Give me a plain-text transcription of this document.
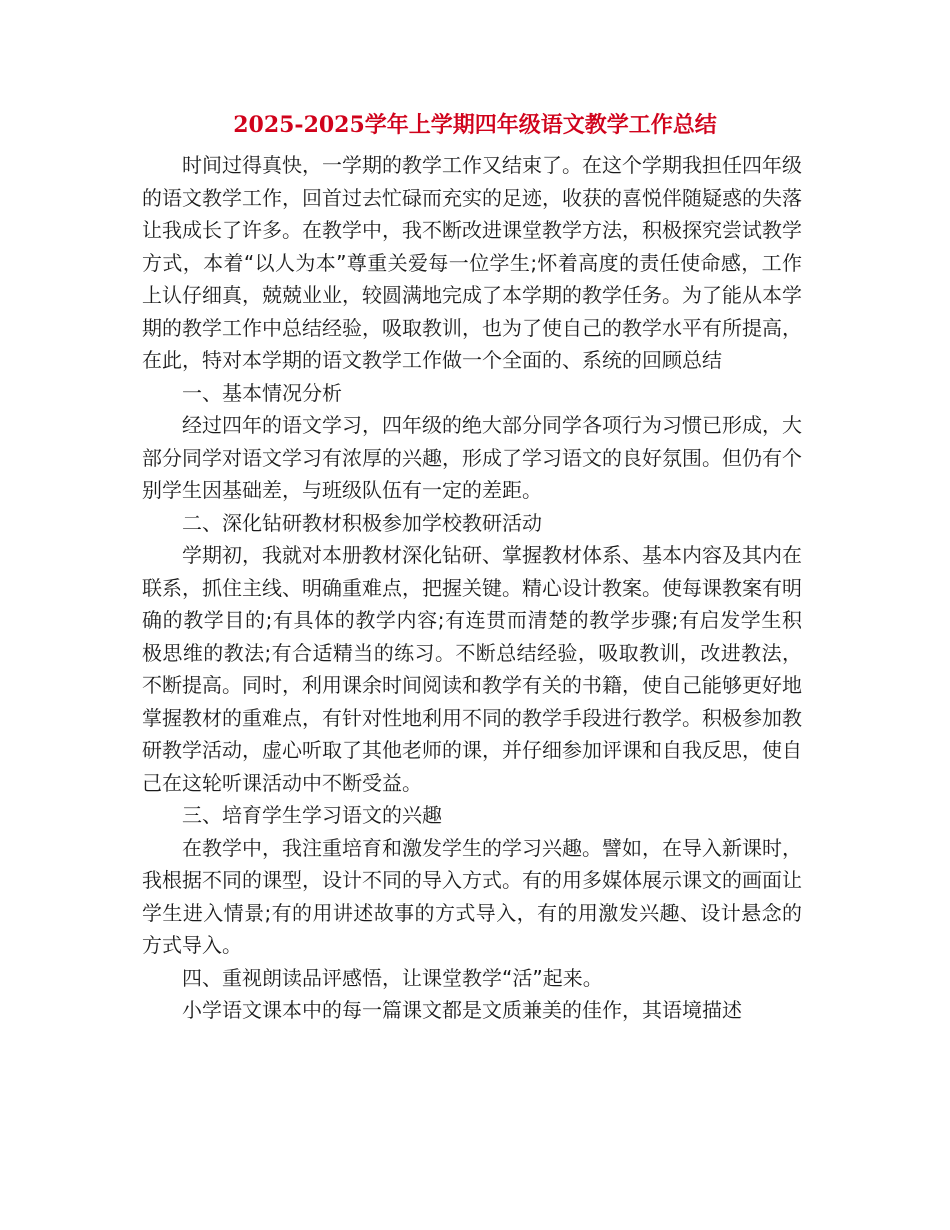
2025-2025学年上学期四年级语文教学工作总结

时间过得真快，一学期的教学工作又结束了。在这个学期我担任四年级的语文教学工作，回首过去忙碌而充实的足迹，收获的喜悦伴随疑惑的失落让我成长了许多。在教学中，我不断改进课堂教学方法，积极探究尝试教学方式，本着“以人为本”尊重关爱每一位学生;怀着高度的责任使命感，工作上认仔细真，兢兢业业，较圆满地完成了本学期的教学任务。为了能从本学期的教学工作中总结经验，吸取教训，也为了使自己的教学水平有所提高，在此，特对本学期的语文教学工作做一个全面的、系统的回顾总结

一、基本情况分析

经过四年的语文学习，四年级的绝大部分同学各项行为习惯已形成，大部分同学对语文学习有浓厚的兴趣，形成了学习语文的良好氛围。但仍有个别学生因基础差，与班级队伍有一定的差距。

二、深化钻研教材积极参加学校教研活动

学期初，我就对本册教材深化钻研、掌握教材体系、基本内容及其内在联系，抓住主线、明确重难点，把握关键。精心设计教案。使每课教案有明确的教学目的;有具体的教学内容;有连贯而清楚的教学步骤;有启发学生积极思维的教法;有合适精当的练习。不断总结经验，吸取教训，改进教法，不断提高。同时，利用课余时间阅读和教学有关的书籍，使自己能够更好地掌握教材的重难点，有针对性地利用不同的教学手段进行教学。积极参加教研教学活动，虚心听取了其他老师的课，并仔细参加评课和自我反思，使自己在这轮听课活动中不断受益。

三、培育学生学习语文的兴趣

在教学中，我注重培育和激发学生的学习兴趣。譬如，在导入新课时，我根据不同的课型，设计不同的导入方式。有的用多媒体展示课文的画面让学生进入情景;有的用讲述故事的方式导入，有的用激发兴趣、设计悬念的方式导入。

四、重视朗读品评感悟，让课堂教学“活”起来。

小学语文课本中的每一篇课文都是文质兼美的佳作，其语境描述
